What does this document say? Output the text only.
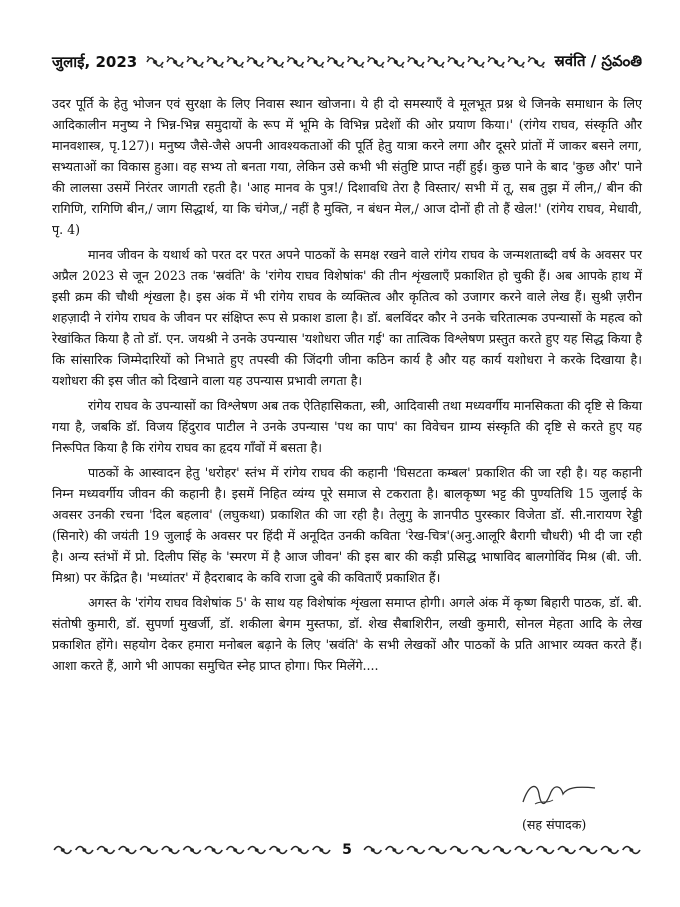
जुलाई, 2023	स्रवंति / స్రవంతి

उदर पूर्ति के हेतु भोजन एवं सुरक्षा के लिए निवास स्थान खोजना। ये ही दो समस्याएँ वे मूलभूत प्रश्न थे जिनके समाधान के लिए आदिकालीन मनुष्य ने भिन्न-भिन्न समुदायों के रूप में भूमि के विभिन्न प्रदेशों की ओर प्रयाण किया।' (रांगेय राघव, संस्कृति और मानवशास्त्र, पृ.127)। मनुष्य जैसे-जैसे अपनी आवश्यकताओं की पूर्ति हेतु यात्रा करने लगा और दूसरे प्रांतों में जाकर बसने लगा, सभ्यताओं का विकास हुआ। वह सभ्य तो बनता गया, लेकिन उसे कभी भी संतुष्टि प्राप्त नहीं हुई। कुछ पाने के बाद 'कुछ और' पाने की लालसा उसमें निरंतर जागती रहती है। 'आह मानव के पुत्र!/ दिशावधि तेरा है विस्तार/ सभी में तू, सब तुझ में लीन,/ बीन की रागिणि, रागिणि बीन,/ जाग सिद्धार्थ, या कि चंगेज,/ नहीं है मुक्ति, न बंधन मेल,/ आज दोनों ही तो हैं खेल!' (रांगेय राघव, मेधावी, पृ. 4)

मानव जीवन के यथार्थ को परत दर परत अपने पाठकों के समक्ष रखने वाले रांगेय राघव के जन्मशताब्दी वर्ष के अवसर पर अप्रैल 2023 से जून 2023 तक 'स्रवंति' के 'रांगेय राघव विशेषांक' की तीन शृंखलाएँ प्रकाशित हो चुकी हैं। अब आपके हाथ में इसी क्रम की चौथी शृंखला है। इस अंक में भी रांगेय राघव के व्यक्तित्व और कृतित्व को उजागर करने वाले लेख हैं। सुश्री ज़रीन शहज़ादी ने रांगेय राघव के जीवन पर संक्षिप्त रूप से प्रकाश डाला है। डॉ. बलविंदर कौर ने उनके चरितात्मक उपन्यासों के महत्व को रेखांकित किया है तो डॉ. एन. जयश्री ने उनके उपन्यास 'यशोधरा जीत गई' का तात्विक विश्लेषण प्रस्तुत करते हुए यह सिद्ध किया है कि सांसारिक जिम्मेदारियों को निभाते हुए तपस्वी की जिंदगी जीना कठिन कार्य है और यह कार्य यशोधरा ने करके दिखाया है। यशोधरा की इस जीत को दिखाने वाला यह उपन्यास प्रभावी लगता है।

रांगेय राघव के उपन्यासों का विश्लेषण अब तक ऐतिहासिकता, स्त्री, आदिवासी तथा मध्यवर्गीय मानसिकता की दृष्टि से किया गया है, जबकि डॉ. विजय हिंदुराव पाटील ने उनके उपन्यास 'पथ का पाप' का विवेचन ग्राम्य संस्कृति की दृष्टि से करते हुए यह निरूपित किया है कि रांगेय राघव का हृदय गाँवों में बसता है।

पाठकों के आस्वादन हेतु 'धरोहर' स्तंभ में रांगेय राघव की कहानी 'घिसटता कम्बल' प्रकाशित की जा रही है। यह कहानी निम्न मध्यवर्गीय जीवन की कहानी है। इसमें निहित व्यंग्य पूरे समाज से टकराता है। बालकृष्ण भट्ट की पुण्यतिथि 15 जुलाई के अवसर उनकी रचना 'दिल बहलाव' (लघुकथा) प्रकाशित की जा रही है। तेलुगु के ज्ञानपीठ पुरस्कार विजेता डॉ. सी.नारायण रेड्डी (सिनारे) की जयंती 19 जुलाई के अवसर पर हिंदी में अनूदित उनकी कविता 'रेख-चित्र'(अनु.आलूरि बैरागी चौधरी) भी दी जा रही है। अन्य स्तंभों में प्रो. दिलीप सिंह के 'स्मरण में है आज जीवन' की इस बार की कड़ी प्रसिद्ध भाषाविद बालगोविंद मिश्र (बी. जी. मिश्रा) पर केंद्रित है। 'मध्यांतर' में हैदराबाद के कवि राजा दुबे की कविताएँ प्रकाशित हैं।

अगस्त के 'रांगेय राघव विशेषांक 5' के साथ यह विशेषांक शृंखला समाप्त होगी। अगले अंक में कृष्ण बिहारी पाठक, डॉ. बी. संतोषी कुमारी, डॉ. सुपर्णा मुखर्जी, डॉ. शकीला बेगम मुस्तफा, डॉ. शेख सैबाशिरीन, लखी कुमारी, सोनल मेहता आदि के लेख प्रकाशित होंगे। सहयोग देकर हमारा मनोबल बढ़ाने के लिए 'स्रवंति' के सभी लेखकों और पाठकों के प्रति आभार व्यक्त करते हैं। आशा करते हैं, आगे भी आपका समुचित स्नेह प्राप्त होगा। फिर मिलेंगे....

(सह संपादक)
5
